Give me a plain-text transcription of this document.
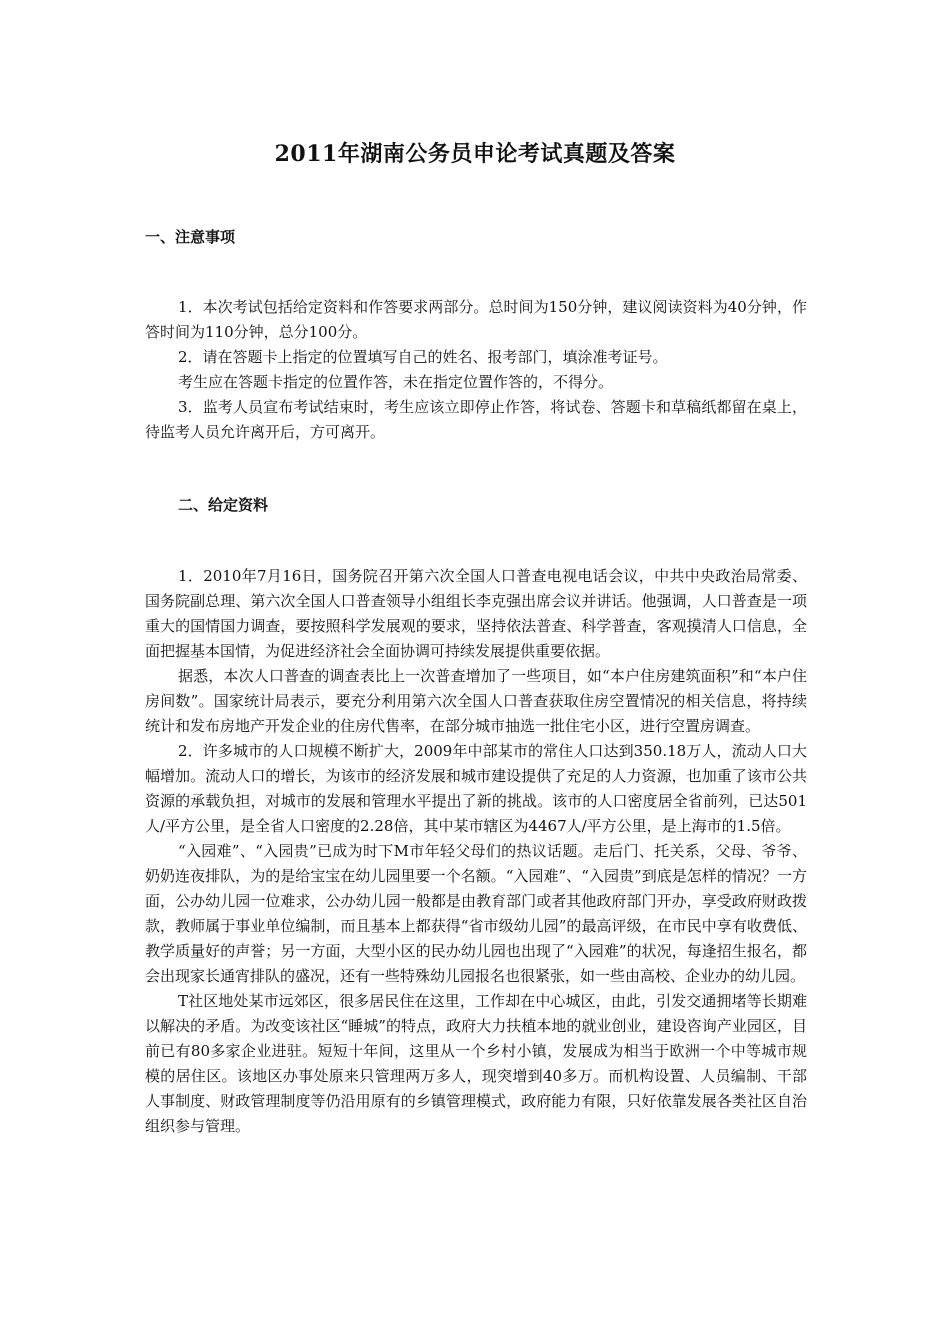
2011年湖南公务员申论考试真题及答案
一、注意事项

1．本次考试包括给定资料和作答要求两部分。总时间为150分钟，建议阅读资料为40分钟，作答时间为110分钟，总分100分。

2．请在答题卡上指定的位置填写自己的姓名、报考部门，填涂准考证号。

考生应在答题卡指定的位置作答，未在指定位置作答的，不得分。

3．监考人员宣布考试结束时，考生应该立即停止作答，将试卷、答题卡和草稿纸都留在桌上，待监考人员允许离开后，方可离开。

二、给定资料

1．2010年7月16日，国务院召开第六次全国人口普查电视电话会议，中共中央政治局常委、国务院副总理、第六次全国人口普查领导小组组长李克强出席会议并讲话。他强调，人口普查是一项重大的国情国力调查，要按照科学发展观的要求，坚持依法普查、科学普查，客观摸清人口信息，全面把握基本国情，为促进经济社会全面协调可持续发展提供重要依据。

据悉，本次人口普查的调查表比上一次普查增加了一些项目，如“本户住房建筑面积”和“本户住房间数”。国家统计局表示，要充分利用第六次全国人口普查获取住房空置情况的相关信息，将持续统计和发布房地产开发企业的住房代售率，在部分城市抽选一批住宅小区，进行空置房调查。

2．许多城市的人口规模不断扩大，2009年中部某市的常住人口达到350.18万人，流动人口大幅增加。流动人口的增长，为该市的经济发展和城市建设提供了充足的人力资源，也加重了该市公共资源的承载负担，对城市的发展和管理水平提出了新的挑战。该市的人口密度居全省前列，已达501人/平方公里，是全省人口密度的2.28倍，其中某市辖区为4467人/平方公里，是上海市的1.5倍。

“入园难”、“入园贵”已成为时下M市年轻父母们的热议话题。走后门、托关系，父母、爷爷、奶奶连夜排队，为的是给宝宝在幼儿园里要一个名额。“入园难”、“入园贵”到底是怎样的情况？一方面，公办幼儿园一位难求，公办幼儿园一般都是由教育部门或者其他政府部门开办，享受政府财政拨款，教师属于事业单位编制，而且基本上都获得“省市级幼儿园”的最高评级，在市民中享有收费低、教学质量好的声誉；另一方面，大型小区的民办幼儿园也出现了“入园难”的状况，每逢招生报名，都会出现家长通宵排队的盛况，还有一些特殊幼儿园报名也很紧张，如一些由高校、企业办的幼儿园。

T社区地处某市远郊区，很多居民住在这里，工作却在中心城区，由此，引发交通拥堵等长期难以解决的矛盾。为改变该社区“睡城”的特点，政府大力扶植本地的就业创业，建设咨询产业园区，目前已有80多家企业进驻。短短十年间，这里从一个乡村小镇，发展成为相当于欧洲一个中等城市规模的居住区。该地区办事处原来只管理两万多人，现突增到40多万。而机构设置、人员编制、干部人事制度、财政管理制度等仍沿用原有的乡镇管理模式，政府能力有限，只好依靠发展各类社区自治组织参与管理。
